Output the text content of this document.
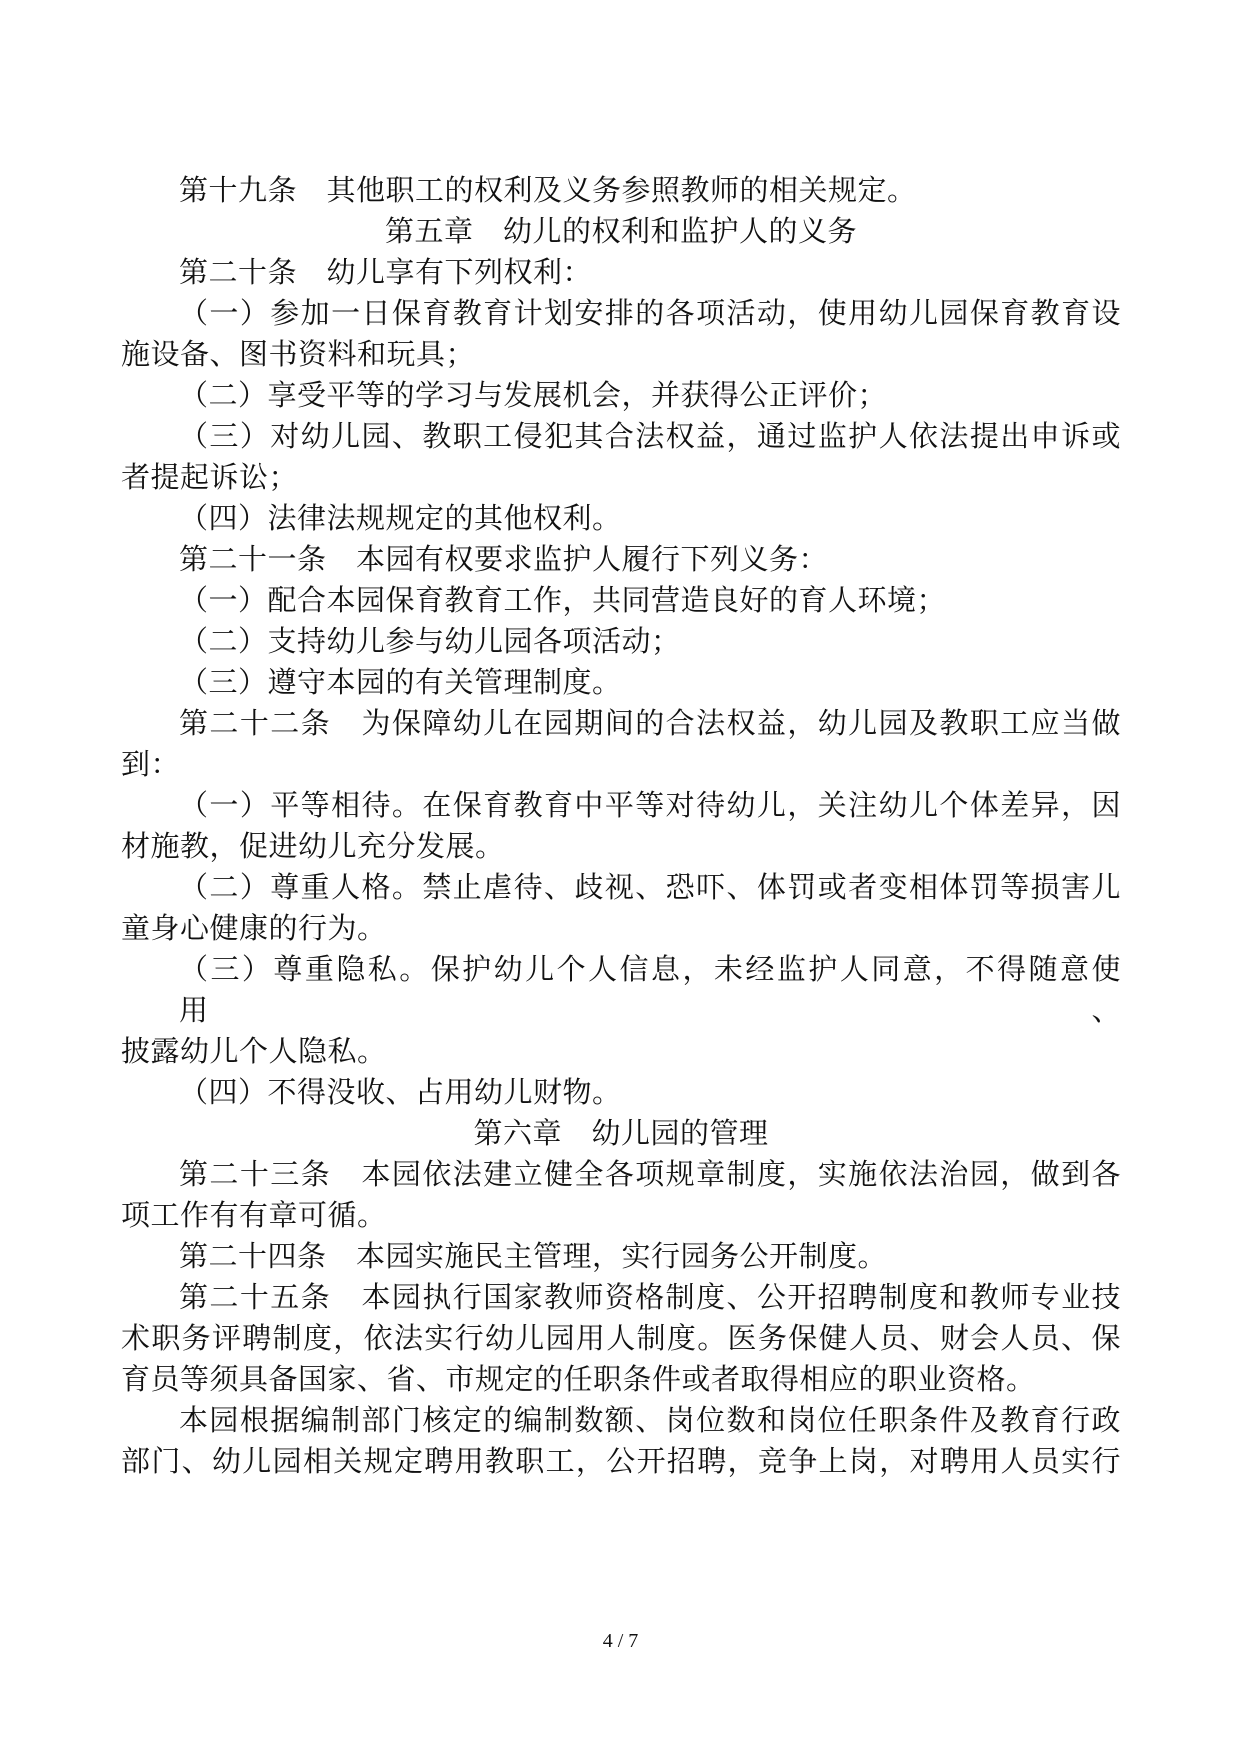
第十九条　其他职工的权利及义务参照教师的相关规定。
第五章　幼儿的权利和监护人的义务
第二十条　幼儿享有下列权利：
（一）参加一日保育教育计划安排的各项活动，使用幼儿园保育教育设
施设备、图书资料和玩具；
（二）享受平等的学习与发展机会，并获得公正评价；
（三）对幼儿园、教职工侵犯其合法权益，通过监护人依法提出申诉或
者提起诉讼；
（四）法律法规规定的其他权利。
第二十一条　本园有权要求监护人履行下列义务：
（一）配合本园保育教育工作，共同营造良好的育人环境；
（二）支持幼儿参与幼儿园各项活动；
（三）遵守本园的有关管理制度。
第二十二条　为保障幼儿在园期间的合法权益，幼儿园及教职工应当做
到：
（一）平等相待。在保育教育中平等对待幼儿，关注幼儿个体差异，因
材施教，促进幼儿充分发展。
（二）尊重人格。禁止虐待、歧视、恐吓、体罚或者变相体罚等损害儿
童身心健康的行为。
（三）尊重隐私。保护幼儿个人信息，未经监护人同意，不得随意使用、
披露幼儿个人隐私。
（四）不得没收、占用幼儿财物。
第六章　幼儿园的管理
第二十三条　本园依法建立健全各项规章制度，实施依法治园，做到各
项工作有有章可循。
第二十四条　本园实施民主管理，实行园务公开制度。
第二十五条　本园执行国家教师资格制度、公开招聘制度和教师专业技
术职务评聘制度，依法实行幼儿园用人制度。医务保健人员、财会人员、保
育员等须具备国家、省、市规定的任职条件或者取得相应的职业资格。
本园根据编制部门核定的编制数额、岗位数和岗位任职条件及教育行政
部门、幼儿园相关规定聘用教职工，公开招聘，竞争上岗，对聘用人员实行
4 / 7
